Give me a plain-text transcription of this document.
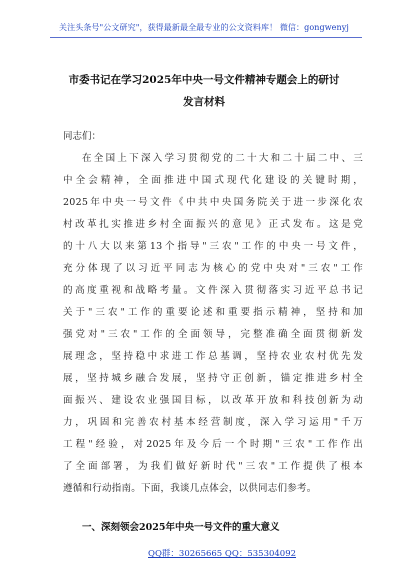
关注头条号"公文研究"，获得最新最全最专业的公文资料库！ 微信：gongwenyj
市委书记在学习2025年中央一号文件精神专题会上的研讨
发言材料
同志们：
在全国上下深入学习贯彻党的二十大和二十届二中、三
中全会精神，全面推进中国式现代化建设的关键时期，
2025年中央一号文件《中共中央国务院关于进一步深化农
村改革扎实推进乡村全面振兴的意见》正式发布。这是党
的十八大以来第13个指导"三农"工作的中央一号文件，
充分体现了以习近平同志为核心的党中央对"三农"工作
的高度重视和战略考量。文件深入贯彻落实习近平总书记
关于"三农"工作的重要论述和重要指示精神，坚持和加
强党对"三农"工作的全面领导，完整准确全面贯彻新发
展理念，坚持稳中求进工作总基调，坚持农业农村优先发
展，坚持城乡融合发展，坚持守正创新，锚定推进乡村全
面振兴、建设农业强国目标，以改革开放和科技创新为动
力，巩固和完善农村基本经营制度，深入学习运用"千万
工程"经验，对2025年及今后一个时期"三农"工作作出
了全面部署，为我们做好新时代"三农"工作提供了根本
遵循和行动指南。下面，我谈几点体会，以供同志们参考。
一、深刻领会2025年中央一号文件的重大意义
QQ群：30265665 QQ：535304092
